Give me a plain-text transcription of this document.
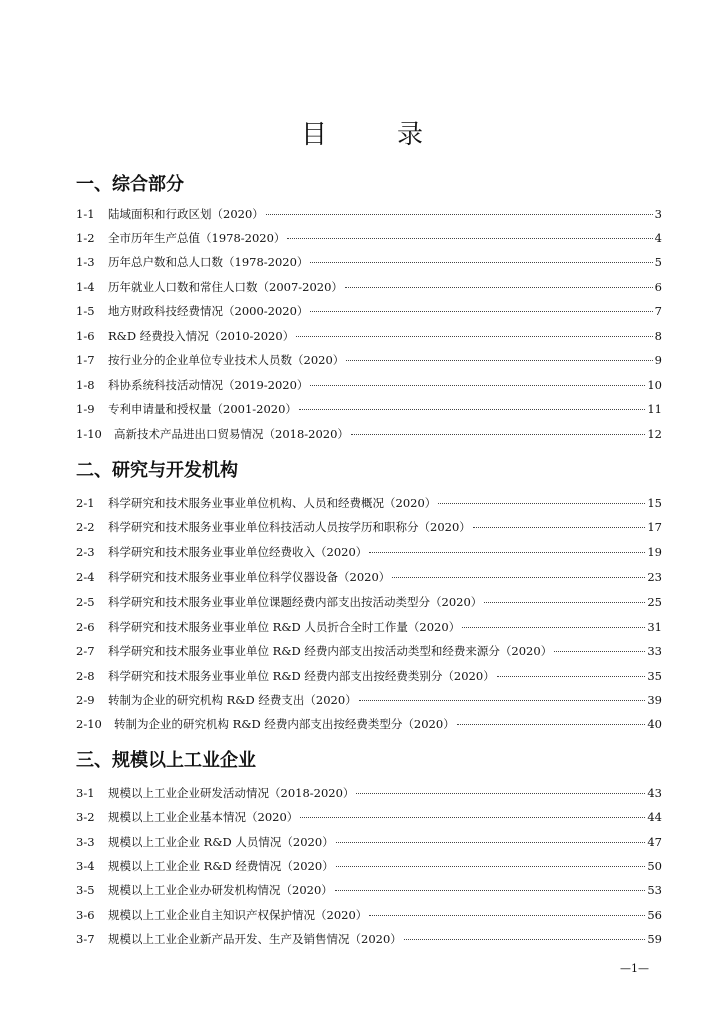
目　录
一、综合部分
1-1	陆域面积和行政区划（2020）	3
1-2	全市历年生产总值（1978-2020）	4
1-3	历年总户数和总人口数（1978-2020）	5
1-4	历年就业人口数和常住人口数（2007-2020）	6
1-5	地方财政科技经费情况（2000-2020）	7
1-6	R&D 经费投入情况（2010-2020）	8
1-7	按行业分的企业单位专业技术人员数（2020）	9
1-8	科协系统科技活动情况（2019-2020）	10
1-9	专利申请量和授权量（2001-2020）	11
1-10	高新技术产品进出口贸易情况（2018-2020）	12
二、研究与开发机构
2-1	科学研究和技术服务业事业单位机构、人员和经费概况（2020）	15
2-2	科学研究和技术服务业事业单位科技活动人员按学历和职称分（2020）	17
2-3	科学研究和技术服务业事业单位经费收入（2020）	19
2-4	科学研究和技术服务业事业单位科学仪器设备（2020）	23
2-5	科学研究和技术服务业事业单位课题经费内部支出按活动类型分（2020）	25
2-6	科学研究和技术服务业事业单位 R&D 人员折合全时工作量（2020）	31
2-7	科学研究和技术服务业事业单位 R&D 经费内部支出按活动类型和经费来源分（2020）	33
2-8	科学研究和技术服务业事业单位 R&D 经费内部支出按经费类别分（2020）	35
2-9	转制为企业的研究机构 R&D 经费支出（2020）	39
2-10	转制为企业的研究机构 R&D 经费内部支出按经费类型分（2020）	40
三、规模以上工业企业
3-1	规模以上工业企业研发活动情况（2018-2020）	43
3-2	规模以上工业企业基本情况（2020）	44
3-3	规模以上工业企业 R&D 人员情况（2020）	47
3-4	规模以上工业企业 R&D 经费情况（2020）	50
3-5	规模以上工业企业办研发机构情况（2020）	53
3-6	规模以上工业企业自主知识产权保护情况（2020）	56
3-7	规模以上工业企业新产品开发、生产及销售情况（2020）	59
—1—
